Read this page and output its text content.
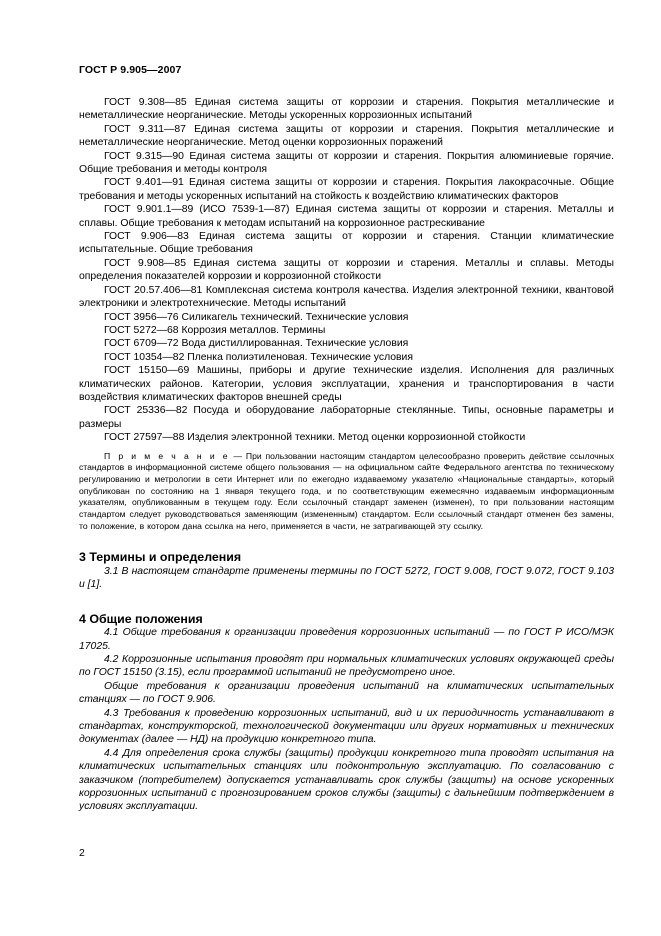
ГОСТ Р 9.905—2007

ГОСТ 9.308—85 Единая система защиты от коррозии и старения. Покрытия металлические и неметаллические неорганические. Методы ускоренных коррозионных испытаний

ГОСТ 9.311—87 Единая система защиты от коррозии и старения. Покрытия металлические и неметаллические неорганические. Метод оценки коррозионных поражений

ГОСТ 9.315—90 Единая система защиты от коррозии и старения. Покрытия алюминиевые горячие. Общие требования и методы контроля

ГОСТ 9.401—91 Единая система защиты от коррозии и старения. Покрытия лакокрасочные. Общие требования и методы ускоренных испытаний на стойкость к воздействию климатических факторов

ГОСТ 9.901.1—89 (ИСО 7539-1—87) Единая система защиты от коррозии и старения. Металлы и сплавы. Общие требования к методам испытаний на коррозионное растрескивание

ГОСТ 9.906—83 Единая система защиты от коррозии и старения. Станции климатические испытательные. Общие требования

ГОСТ 9.908—85 Единая система защиты от коррозии и старения. Металлы и сплавы. Методы определения показателей коррозии и коррозионной стойкости

ГОСТ 20.57.406—81 Комплексная система контроля качества. Изделия электронной техники, квантовой электроники и электротехнические. Методы испытаний

ГОСТ 3956—76 Силикагель технический. Технические условия

ГОСТ 5272—68 Коррозия металлов. Термины

ГОСТ 6709—72 Вода дистиллированная. Технические условия

ГОСТ 10354—82 Пленка полиэтиленовая. Технические условия

ГОСТ 15150—69 Машины, приборы и другие технические изделия. Исполнения для различных климатических районов. Категории, условия эксплуатации, хранения и транспортирования в части воздействия климатических факторов внешней среды

ГОСТ 25336—82 Посуда и оборудование лабораторные стеклянные. Типы, основные параметры и размеры

ГОСТ 27597—88 Изделия электронной техники. Метод оценки коррозионной стойкости

П р и м е ч а н и е — При пользовании настоящим стандартом целесообразно проверить действие ссылочных стандартов в информационной системе общего пользования — на официальном сайте Федерального агентства по техническому регулированию и метрологии в сети Интернет или по ежегодно издаваемому указателю «Национальные стандарты», который опубликован по состоянию на 1 января текущего года, и по соответствующим ежемесячно издаваемым информационным указателям, опубликованным в текущем году. Если ссылочный стандарт заменен (изменен), то при пользовании настоящим стандартом следует руководствоваться заменяющим (измененным) стандартом. Если ссылочный стандарт отменен без замены, то положение, в котором дана ссылка на него, применяется в части, не затрагивающей эту ссылку.
3 Термины и определения

3.1 В настоящем стандарте применены термины по ГОСТ 5272, ГОСТ 9.008, ГОСТ 9.072, ГОСТ 9.103 и [1].

4 Общие положения

4.1 Общие требования к организации проведения коррозионных испытаний — по ГОСТ Р ИСО/МЭК 17025.

4.2 Коррозионные испытания проводят при нормальных климатических условиях окружающей среды по ГОСТ 15150 (3.15), если программой испытаний не предусмотрено иное.

Общие требования к организации проведения испытаний на климатических испытательных станциях — по ГОСТ 9.906.

4.3 Требования к проведению коррозионных испытаний, вид и их периодичность устанавливают в стандартах, конструкторской, технологической документации или других нормативных и технических документах (далее — НД) на продукцию конкретного типа.

4.4 Для определения срока службы (защиты) продукции конкретного типа проводят испытания на климатических испытательных станциях или подконтрольную эксплуатацию. По согласованию с заказчиком (потребителем) допускается устанавливать срок службы (защиты) на основе ускоренных коррозионных испытаний с прогнозированием сроков службы (защиты) с дальнейшим подтверждением в условиях эксплуатации.

2
